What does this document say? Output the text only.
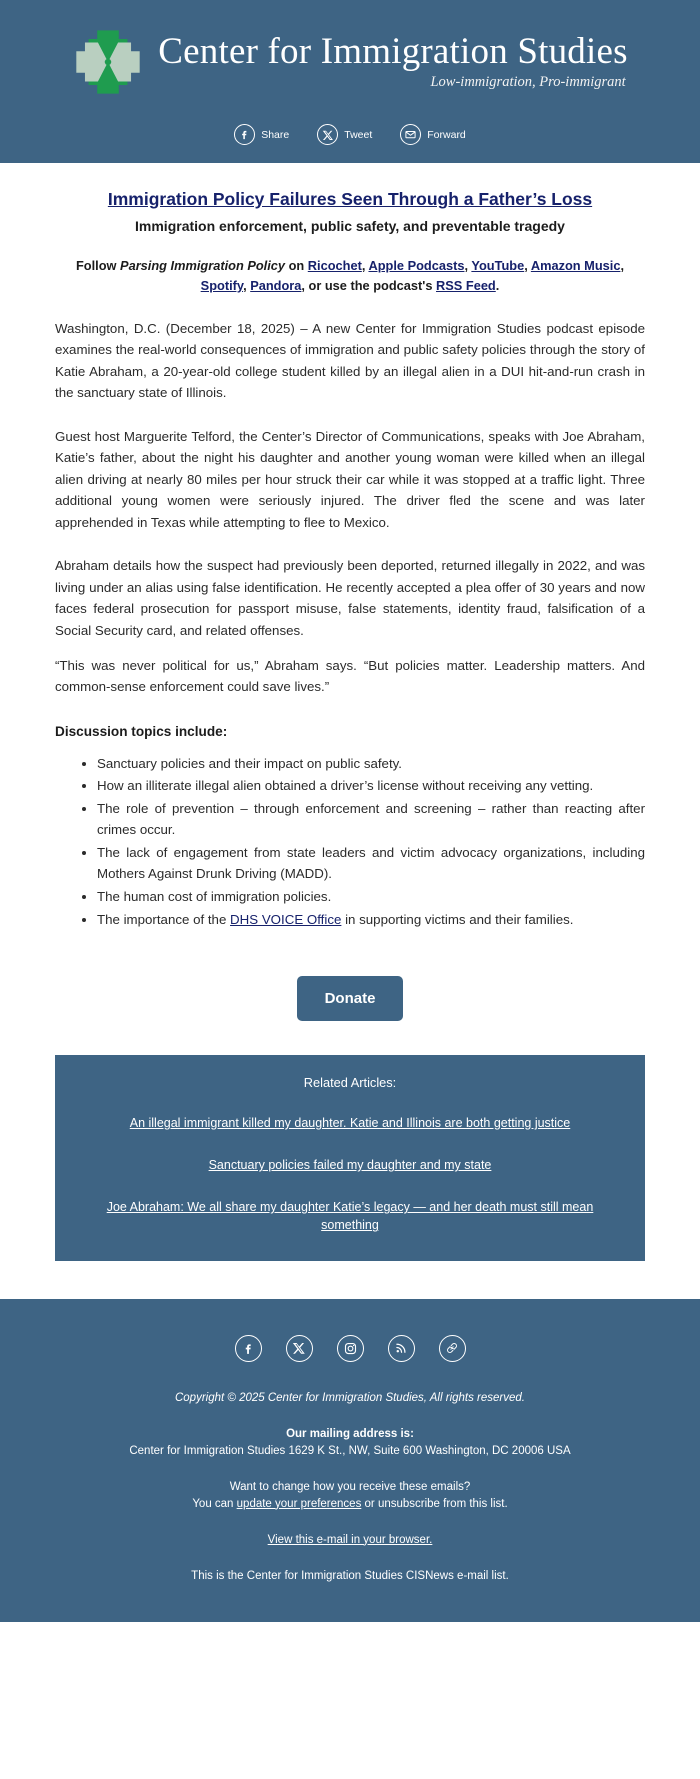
Center for Immigration Studies
Low-immigration, Pro-immigrant
Share	Tweet	Forward
Immigration Policy Failures Seen Through a Father’s Loss
Immigration enforcement, public safety, and preventable tragedy
Follow Parsing Immigration Policy on Ricochet, Apple Podcasts, YouTube, Amazon Music, Spotify, Pandora, or use the podcast's RSS Feed.

Washington, D.C. (December 18, 2025) – A new Center for Immigration Studies podcast episode examines the real-world consequences of immigration and public safety policies through the story of Katie Abraham, a 20-year-old college student killed by an illegal alien in a DUI hit-and-run crash in the sanctuary state of Illinois.

Guest host Marguerite Telford, the Center’s Director of Communications, speaks with Joe Abraham, Katie’s father, about the night his daughter and another young woman were killed when an illegal alien driving at nearly 80 miles per hour struck their car while it was stopped at a traffic light. Three additional young women were seriously injured. The driver fled the scene and was later apprehended in Texas while attempting to flee to Mexico.

Abraham details how the suspect had previously been deported, returned illegally in 2022, and was living under an alias using false identification. He recently accepted a plea offer of 30 years and now faces federal prosecution for passport misuse, false statements, identity fraud, falsification of a Social Security card, and related offenses.

“This was never political for us,” Abraham says. “But policies matter. Leadership matters. And common-sense enforcement could save lives.”

Discussion topics include:
• Sanctuary policies and their impact on public safety.
• How an illiterate illegal alien obtained a driver’s license without receiving any vetting.
• The role of prevention – through enforcement and screening – rather than reacting after crimes occur.
• The lack of engagement from state leaders and victim advocacy organizations, including Mothers Against Drunk Driving (MADD).
• The human cost of immigration policies.
• The importance of the DHS VOICE Office in supporting victims and their families.
Donate
Related Articles:
An illegal immigrant killed my daughter. Katie and Illinois are both getting justice
Sanctuary policies failed my daughter and my state
Joe Abraham: We all share my daughter Katie’s legacy — and her death must still mean something
Copyright © 2025 Center for Immigration Studies, All rights reserved.
Our mailing address is:
Center for Immigration Studies 1629 K St., NW, Suite 600 Washington, DC 20006 USA
Want to change how you receive these emails?
You can update your preferences or unsubscribe from this list.
View this e-mail in your browser.
This is the Center for Immigration Studies CISNews e-mail list.
